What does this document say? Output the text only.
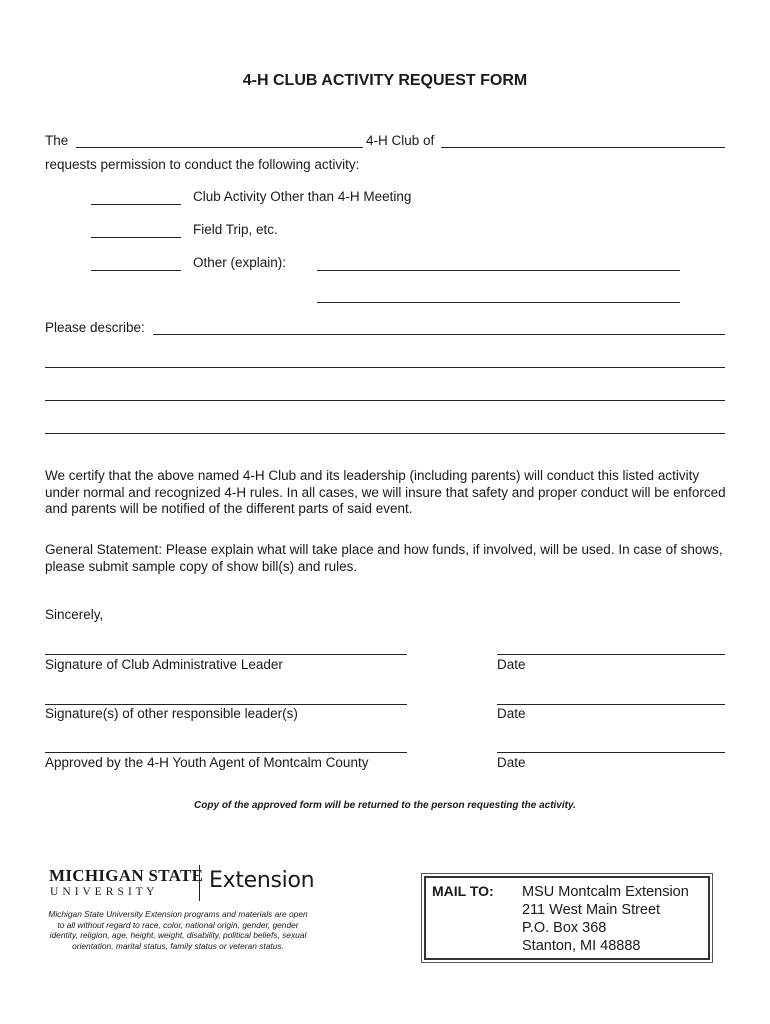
4-H CLUB ACTIVITY REQUEST FORM
The	4-H Club of
requests permission to conduct the following activity:
Club Activity Other than 4-H Meeting
Field Trip, etc.
Other (explain):
Please describe:
We certify that the above named 4-H Club and its leadership (including parents) will conduct this listed activity under normal and recognized 4-H rules. In all cases, we will insure that safety and proper conduct will be enforced and parents will be notified of the different parts of said event.
General Statement: Please explain what will take place and how funds, if involved, will be used. In case of shows, please submit sample copy of show bill(s) and rules.
Sincerely,
Signature of Club Administrative Leader	Date
Signature(s) of other responsible leader(s)	Date
Approved by the 4-H Youth Agent of Montcalm County	Date
Copy of the approved form will be returned to the person requesting the activity.
MICHIGAN STATE
U N I V E R S I T Y Extension
Michigan State University Extension programs and materials are open to all without regard to race, color, national origin, gender, gender identity, religion, age, height, weight, disability, political beliefs, sexual orientation, marital status, family status or veteran status.
MAIL TO: MSU Montcalm Extension
211 West Main Street
P.O. Box 368
Stanton, MI 48888
